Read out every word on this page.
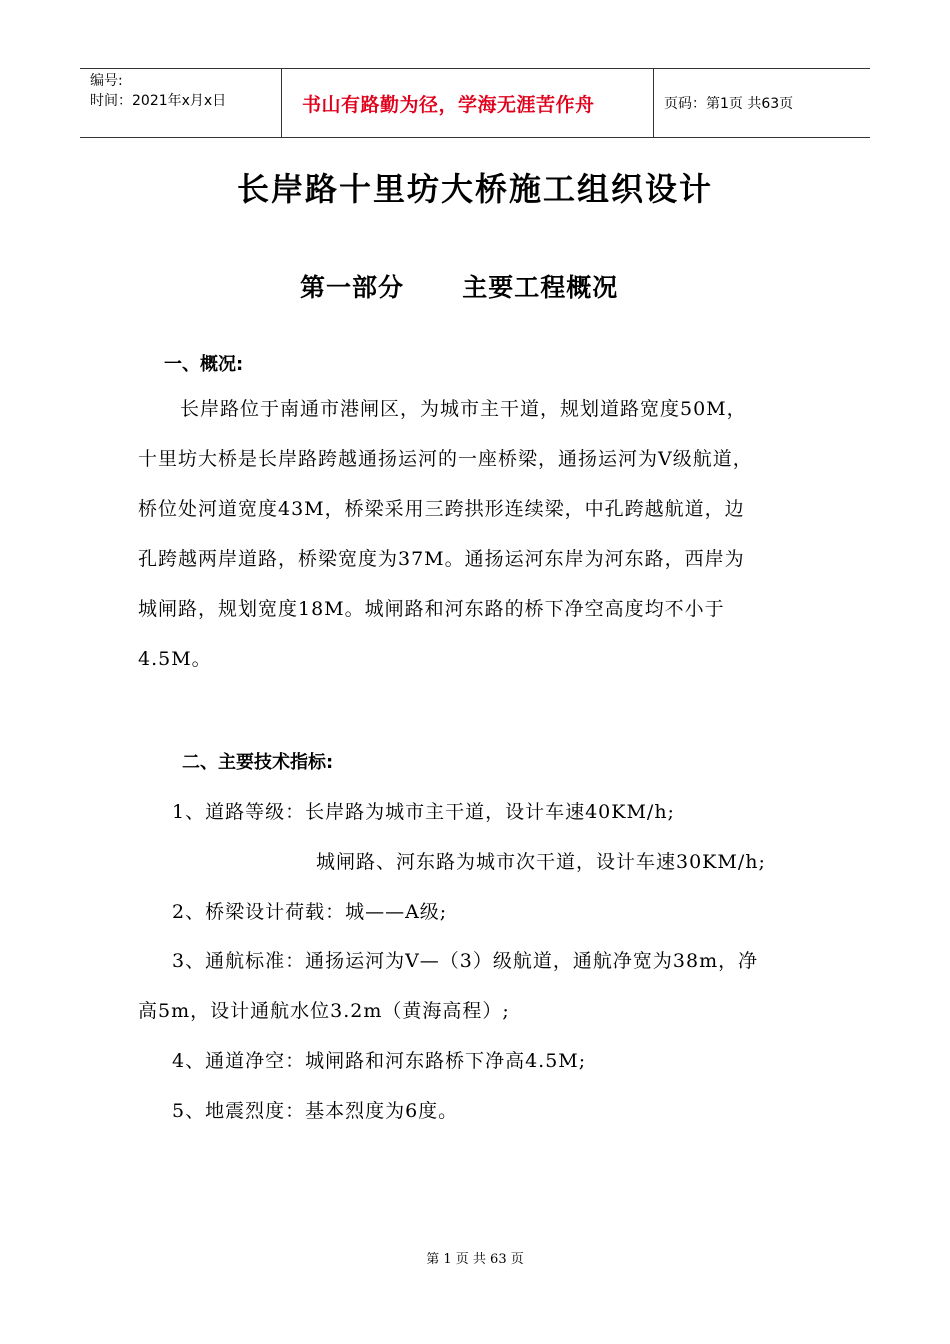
编号:
时间：2021年x月x日	书山有路勤为径，学海无涯苦作舟	页码：第1页 共63页
长岸路十里坊大桥施工组织设计
第一部分      主要工程概况
一、概况:
长岸路位于南通市港闸区，为城市主干道，规划道路宽度50M，
十里坊大桥是长岸路跨越通扬运河的一座桥梁，通扬运河为Ⅴ级航道，
桥位处河道宽度43M，桥梁采用三跨拱形连续梁，中孔跨越航道，边
孔跨越两岸道路，桥梁宽度为37M。通扬运河东岸为河东路，西岸为
城闸路，规划宽度18M。城闸路和河东路的桥下净空高度均不小于
4.5M。
二、主要技术指标:
1、道路等级：长岸路为城市主干道，设计车速40KM/h;
城闸路、河东路为城市次干道，设计车速30KM/h;
2、桥梁设计荷载：城——A级;
3、通航标准：通扬运河为Ⅴ—（3）级航道，通航净宽为38m，净
高5m，设计通航水位3.2m（黄海高程）;
4、通道净空：城闸路和河东路桥下净高4.5M;
5、地震烈度：基本烈度为6度。
第 1 页 共 63 页
